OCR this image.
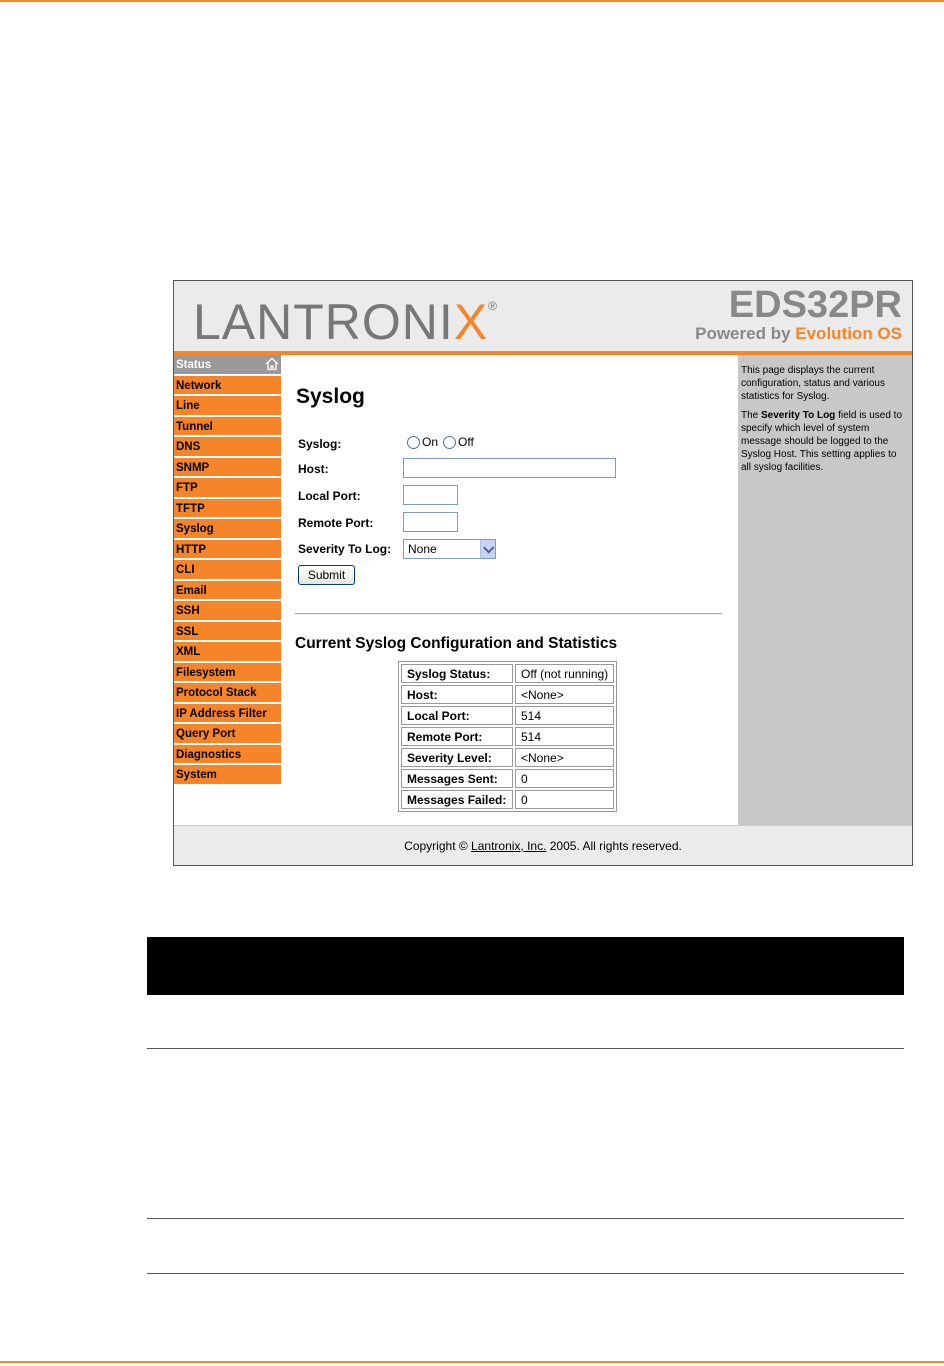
LANTRONIX®	EDS32PR
Powered by Evolution OS
Status
Network
Line
Tunnel
DNS
SNMP
FTP
TFTP
Syslog
HTTP
CLI
Email
SSH
SSL
XML
Filesystem
Protocol Stack
IP Address Filter
Query Port
Diagnostics
System
Syslog
Syslog:	On Off
Host:
Local Port:
Remote Port:
Severity To Log:	None
Submit
Current Syslog Configuration and Statistics
Syslog Status:	Off (not running)
Host:	<None>
Local Port:	514
Remote Port:	514
Severity Level:	<None>
Messages Sent:	0
Messages Failed:	0

This page displays the current configuration, status and various statistics for Syslog.

The Severity To Log field is used to specify which level of system message should be logged to the Syslog Host. This setting applies to all syslog facilities.

Copyright © Lantronix, Inc. 2005. All rights reserved.
